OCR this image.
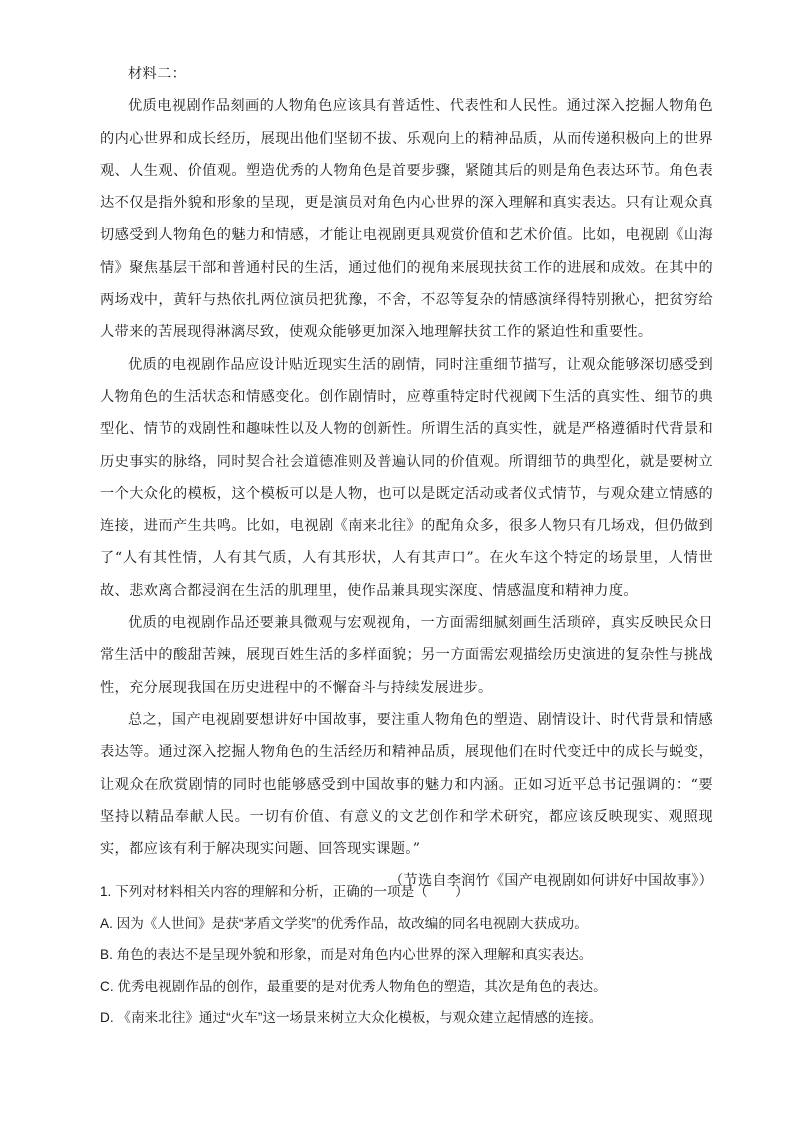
材料二：

优质电视剧作品刻画的人物角色应该具有普适性、代表性和人民性。通过深入挖掘人物角色的内心世界和成长经历，展现出他们坚韧不拔、乐观向上的精神品质，从而传递积极向上的世界观、人生观、价值观。塑造优秀的人物角色是首要步骤，紧随其后的则是角色表达环节。角色表达不仅是指外貌和形象的呈现，更是演员对角色内心世界的深入理解和真实表达。只有让观众真切感受到人物角色的魅力和情感，才能让电视剧更具观赏价值和艺术价值。比如，电视剧《山海情》聚焦基层干部和普通村民的生活，通过他们的视角来展现扶贫工作的进展和成效。在其中的两场戏中，黄轩与热依扎两位演员把犹豫，不舍，不忍等复杂的情感演绎得特别揪心，把贫穷给人带来的苦展现得淋漓尽致，使观众能够更加深入地理解扶贫工作的紧迫性和重要性。

优质的电视剧作品应设计贴近现实生活的剧情，同时注重细节描写，让观众能够深切感受到人物角色的生活状态和情感变化。创作剧情时，应尊重特定时代视阈下生活的真实性、细节的典型化、情节的戏剧性和趣味性以及人物的创新性。所谓生活的真实性，就是严格遵循时代背景和历史事实的脉络，同时契合社会道德准则及普遍认同的价值观。所谓细节的典型化，就是要树立一个大众化的模板，这个模板可以是人物，也可以是既定活动或者仪式情节，与观众建立情感的连接，进而产生共鸣。比如，电视剧《南来北往》的配角众多，很多人物只有几场戏，但仍做到了“人有其性情，人有其气质，人有其形状，人有其声口”。在火车这个特定的场景里，人情世故、悲欢离合都浸润在生活的肌理里，使作品兼具现实深度、情感温度和精神力度。

优质的电视剧作品还要兼具微观与宏观视角，一方面需细腻刻画生活琐碎，真实反映民众日常生活中的酸甜苦辣，展现百姓生活的多样面貌；另一方面需宏观描绘历史演进的复杂性与挑战性，充分展现我国在历史进程中的不懈奋斗与持续发展进步。

总之，国产电视剧要想讲好中国故事，要注重人物角色的塑造、剧情设计、时代背景和情感表达等。通过深入挖掘人物角色的生活经历和精神品质，展现他们在时代变迁中的成长与蜕变，让观众在欣赏剧情的同时也能够感受到中国故事的魅力和内涵。正如习近平总书记强调的：“要坚持以精品奉献人民。一切有价值、有意义的文艺创作和学术研究，都应该反映现实、观照现实，都应该有利于解决现实问题、回答现实课题。”

（节选自李润竹《国产电视剧如何讲好中国故事》）

1. 下列对材料相关内容的理解和分析，正确的一项是（　　）

A. 因为《人世间》是获“茅盾文学奖”的优秀作品，故改编的同名电视剧大获成功。

B. 角色的表达不是呈现外貌和形象，而是对角色内心世界的深入理解和真实表达。

C. 优秀电视剧作品的创作，最重要的是对优秀人物角色的塑造，其次是角色的表达。

D. 《南来北往》通过“火车”这一场景来树立大众化模板，与观众建立起情感的连接。
